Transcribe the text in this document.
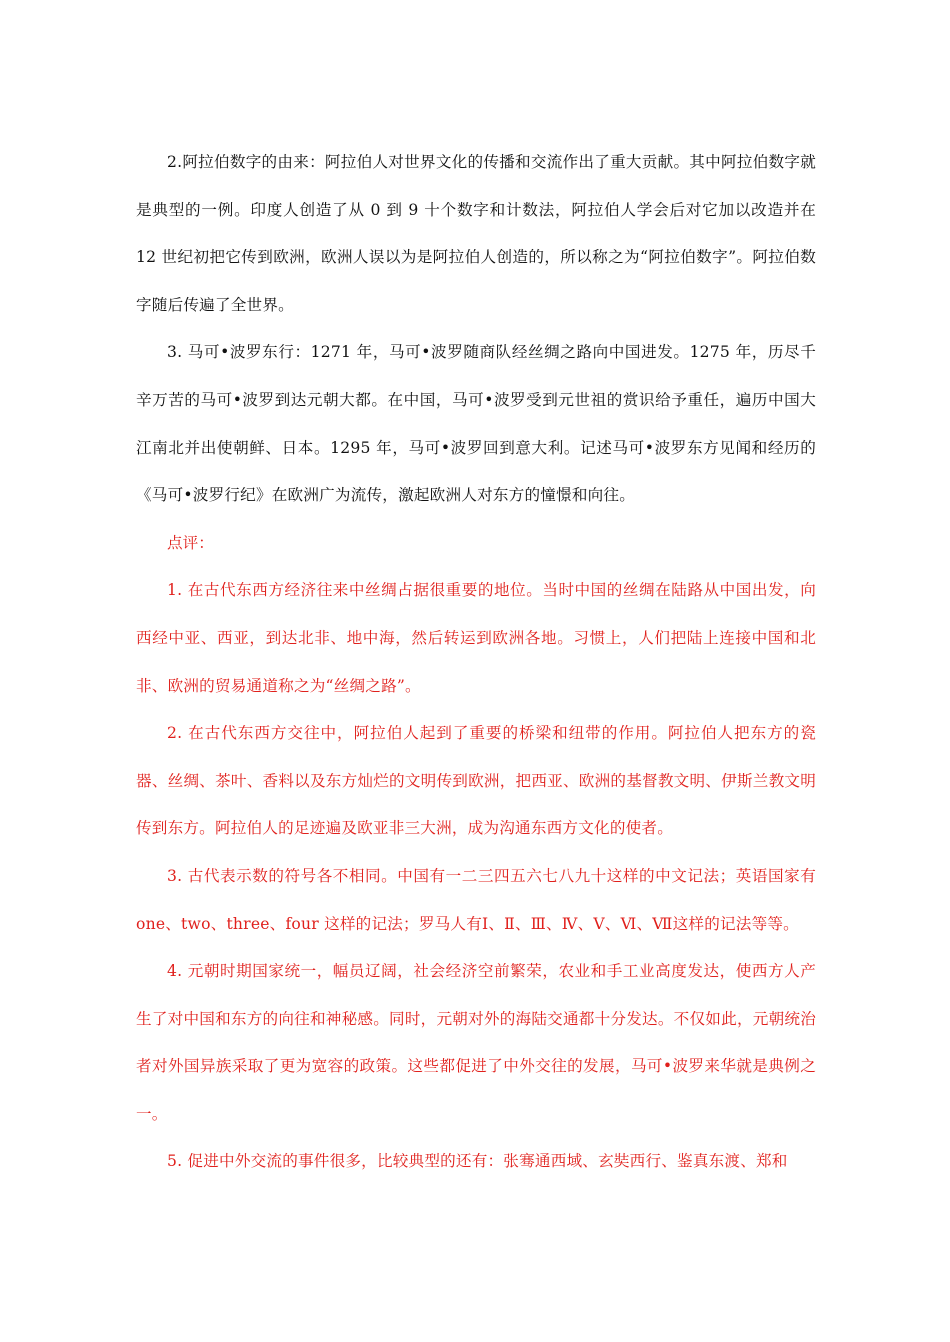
2.阿拉伯数字的由来：阿拉伯人对世界文化的传播和交流作出了重大贡献。其中阿拉伯数字就是典型的一例。印度人创造了从 0 到 9 十个数字和计数法，阿拉伯人学会后对它加以改造并在 12 世纪初把它传到欧洲，欧洲人误以为是阿拉伯人创造的，所以称之为“阿拉伯数字”。阿拉伯数字随后传遍了全世界。

3. 马可•波罗东行：1271 年，马可•波罗随商队经丝绸之路向中国进发。1275 年，历尽千辛万苦的马可•波罗到达元朝大都。在中国，马可•波罗受到元世祖的赏识给予重任，遍历中国大江南北并出使朝鲜、日本。1295 年，马可•波罗回到意大利。记述马可•波罗东方见闻和经历的《马可•波罗行纪》在欧洲广为流传，激起欧洲人对东方的憧憬和向往。

点评：

1. 在古代东西方经济往来中丝绸占据很重要的地位。当时中国的丝绸在陆路从中国出发，向西经中亚、西亚，到达北非、地中海，然后转运到欧洲各地。习惯上，人们把陆上连接中国和北非、欧洲的贸易通道称之为“丝绸之路”。

2. 在古代东西方交往中，阿拉伯人起到了重要的桥梁和纽带的作用。阿拉伯人把东方的瓷器、丝绸、茶叶、香料以及东方灿烂的文明传到欧洲，把西亚、欧洲的基督教文明、伊斯兰教文明传到东方。阿拉伯人的足迹遍及欧亚非三大洲，成为沟通东西方文化的使者。

3. 古代表示数的符号各不相同。中国有一二三四五六七八九十这样的中文记法；英语国家有 one、two、three、four 这样的记法；罗马人有Ⅰ、Ⅱ、Ⅲ、Ⅳ、Ⅴ、Ⅵ、Ⅶ这样的记法等等。

4. 元朝时期国家统一，幅员辽阔，社会经济空前繁荣，农业和手工业高度发达，使西方人产生了对中国和东方的向往和神秘感。同时，元朝对外的海陆交通都十分发达。不仅如此，元朝统治者对外国异族采取了更为宽容的政策。这些都促进了中外交往的发展，马可•波罗来华就是典例之一。

5. 促进中外交流的事件很多，比较典型的还有：张骞通西域、玄奘西行、鉴真东渡、郑和
